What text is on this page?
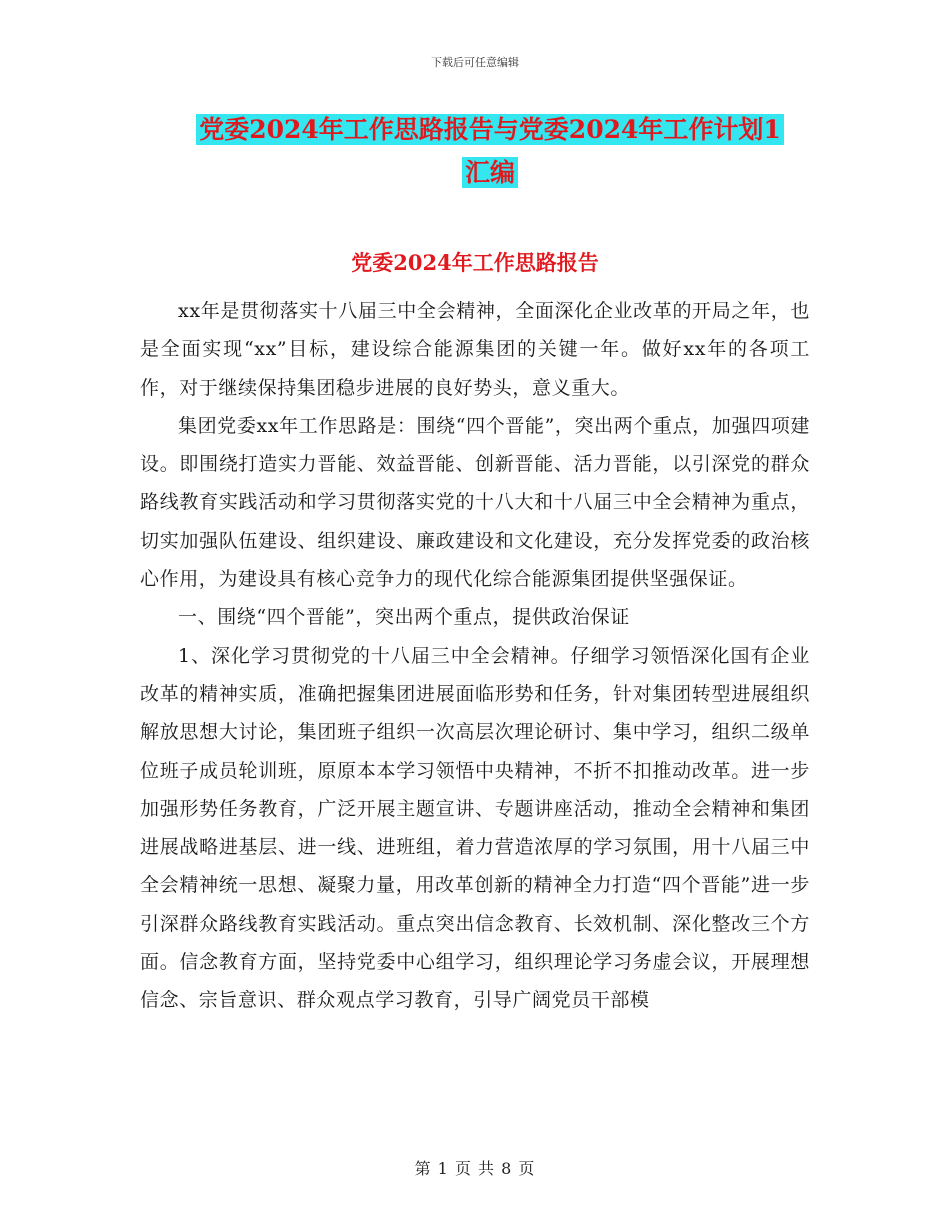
下载后可任意编辑
党委2024年工作思路报告与党委2024年工作计划1
汇编
党委2024年工作思路报告

xx年是贯彻落实十八届三中全会精神，全面深化企业改革的开局之年，也是全面实现“xx”目标，建设综合能源集团的关键一年。做好xx年的各项工作，对于继续保持集团稳步进展的良好势头，意义重大。

集团党委xx年工作思路是：围绕“四个晋能”，突出两个重点，加强四项建设。即围绕打造实力晋能、效益晋能、创新晋能、活力晋能，以引深党的群众路线教育实践活动和学习贯彻落实党的十八大和十八届三中全会精神为重点，切实加强队伍建设、组织建设、廉政建设和文化建设，充分发挥党委的政治核心作用，为建设具有核心竞争力的现代化综合能源集团提供坚强保证。

一、围绕“四个晋能”，突出两个重点，提供政治保证

1、深化学习贯彻党的十八届三中全会精神。仔细学习领悟深化国有企业改革的精神实质，准确把握集团进展面临形势和任务，针对集团转型进展组织解放思想大讨论，集团班子组织一次高层次理论研讨、集中学习，组织二级单位班子成员轮训班，原原本本学习领悟中央精神，不折不扣推动改革。进一步加强形势任务教育，广泛开展主题宣讲、专题讲座活动，推动全会精神和集团进展战略进基层、进一线、进班组，着力营造浓厚的学习氛围，用十八届三中全会精神统一思想、凝聚力量，用改革创新的精神全力打造“四个晋能”进一步引深群众路线教育实践活动。重点突出信念教育、长效机制、深化整改三个方面。信念教育方面，坚持党委中心组学习，组织理论学习务虚会议，开展理想信念、宗旨意识、群众观点学习教育，引导广阔党员干部模

第 1 页 共 8 页
